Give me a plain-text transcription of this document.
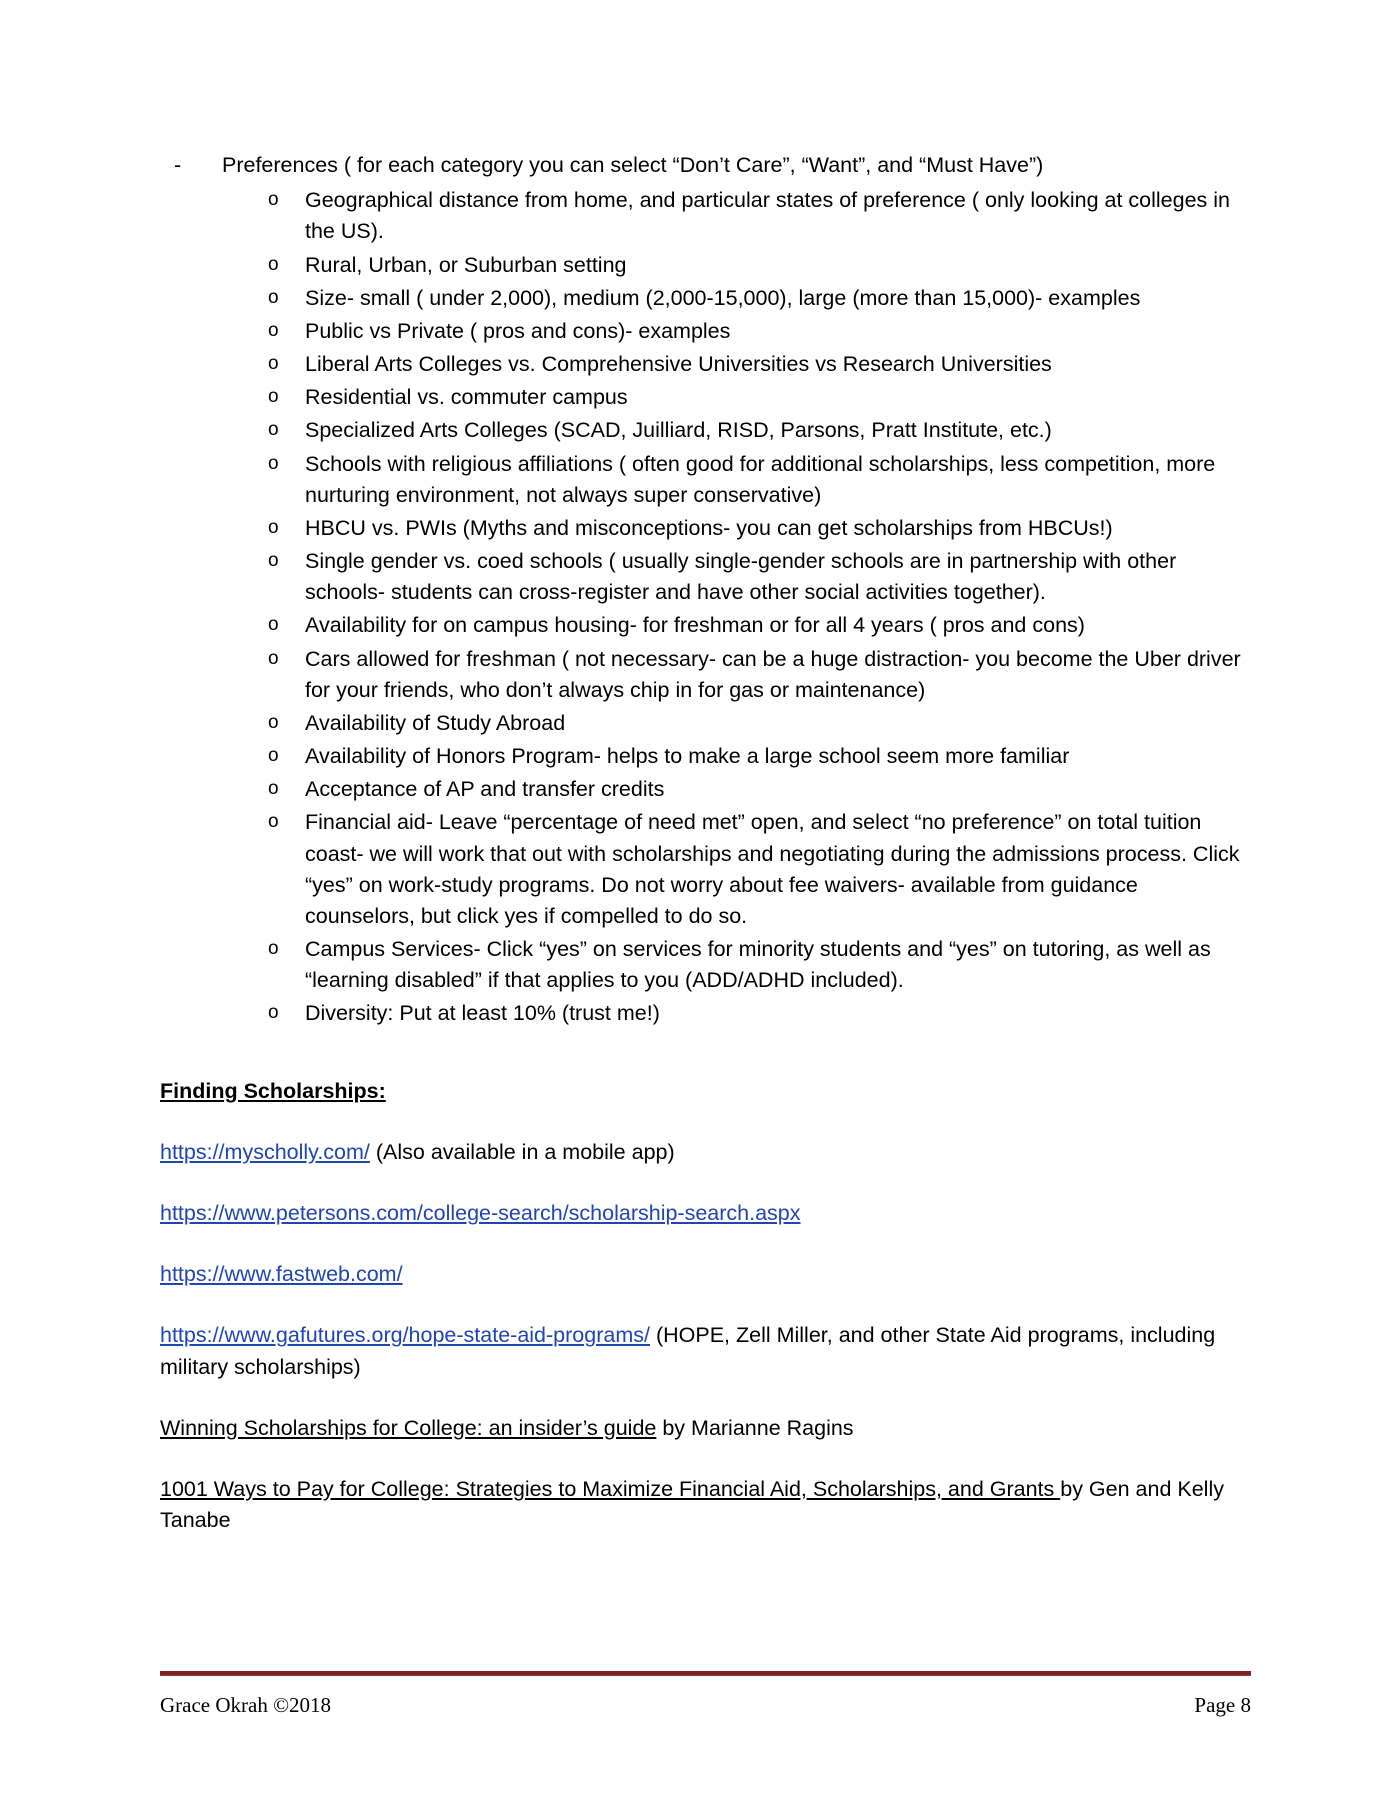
- Preferences ( for each category you can select “Don’t Care”, “Want”, and “Must Have”)
o Geographical distance from home, and particular states of preference ( only looking at colleges in the US).
o Rural, Urban, or Suburban setting
o Size- small ( under 2,000), medium (2,000-15,000), large (more than 15,000)- examples
o Public vs Private ( pros and cons)- examples
o Liberal Arts Colleges vs. Comprehensive Universities vs Research Universities
o Residential vs. commuter campus
o Specialized Arts Colleges (SCAD, Juilliard, RISD, Parsons, Pratt Institute, etc.)
o Schools with religious affiliations ( often good for additional scholarships, less competition, more nurturing environment, not always super conservative)
o HBCU vs. PWIs (Myths and misconceptions- you can get scholarships from HBCUs!)
o Single gender vs. coed schools ( usually single-gender schools are in partnership with other schools- students can cross-register and have other social activities together).
o Availability for on campus housing- for freshman or for all 4 years ( pros and cons)
o Cars allowed for freshman ( not necessary- can be a huge distraction- you become the Uber driver for your friends, who don’t always chip in for gas or maintenance)
o Availability of Study Abroad
o Availability of Honors Program- helps to make a large school seem more familiar
o Acceptance of AP and transfer credits
o Financial aid- Leave “percentage of need met” open, and select “no preference” on total tuition coast- we will work that out with scholarships and negotiating during the admissions process. Click “yes” on work-study programs. Do not worry about fee waivers- available from guidance counselors, but click yes if compelled to do so.
o Campus Services- Click “yes” on services for minority students and “yes” on tutoring, as well as “learning disabled” if that applies to you (ADD/ADHD included).
o Diversity: Put at least 10% (trust me!)
Finding Scholarships:
https://myscholly.com/ (Also available in a mobile app)
https://www.petersons.com/college-search/scholarship-search.aspx
https://www.fastweb.com/
https://www.gafutures.org/hope-state-aid-programs/ (HOPE, Zell Miller, and other State Aid programs, including military scholarships)
Winning Scholarships for College: an insider’s guide by Marianne Ragins
1001 Ways to Pay for College: Strategies to Maximize Financial Aid, Scholarships, and Grants by Gen and Kelly Tanabe
Grace Okrah ©2018	Page 8
